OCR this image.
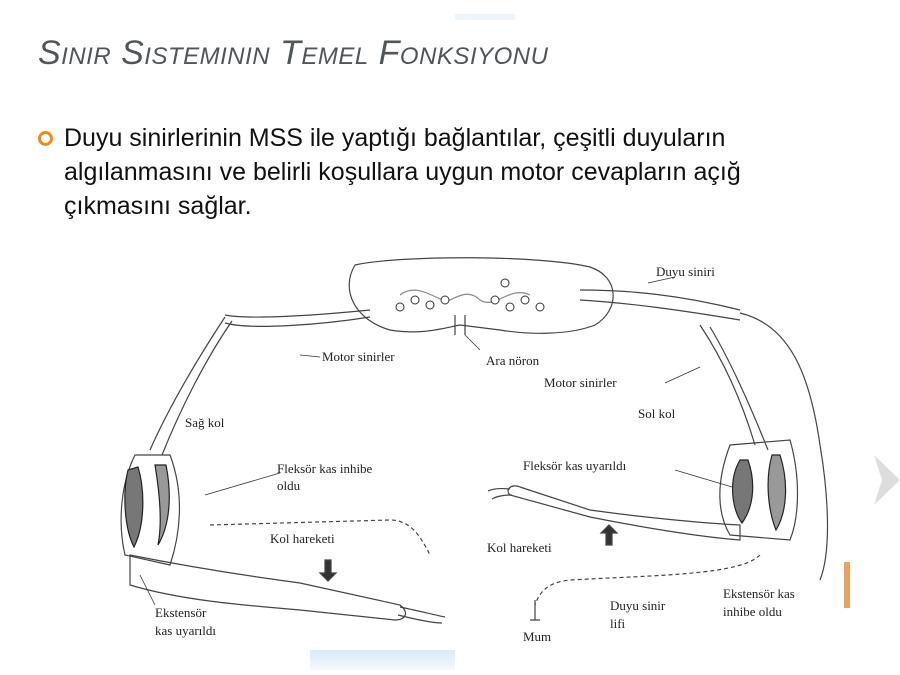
Sinir Sisteminin Temel Fonksiyonu

Duyu sinirlerinin MSS ile yaptığı bağlantılar, çeşitli duyuların
algılanmasını ve belirli koşullara uygun motor cevapların açığ
çıkmasını sağlar.

Duyu siniri
Motor sinirler	Ara nöron
Motor sinirler
Sol kol
Sağ kol
Fleksör kas inhibe
oldu
Fleksör kas uyarıldı
Kol hareketi
Kol hareketi
Ekstensör
kas uyarıldı
Duyu sinir
lifi
Ekstensör kas
inhibe oldu
Mum
